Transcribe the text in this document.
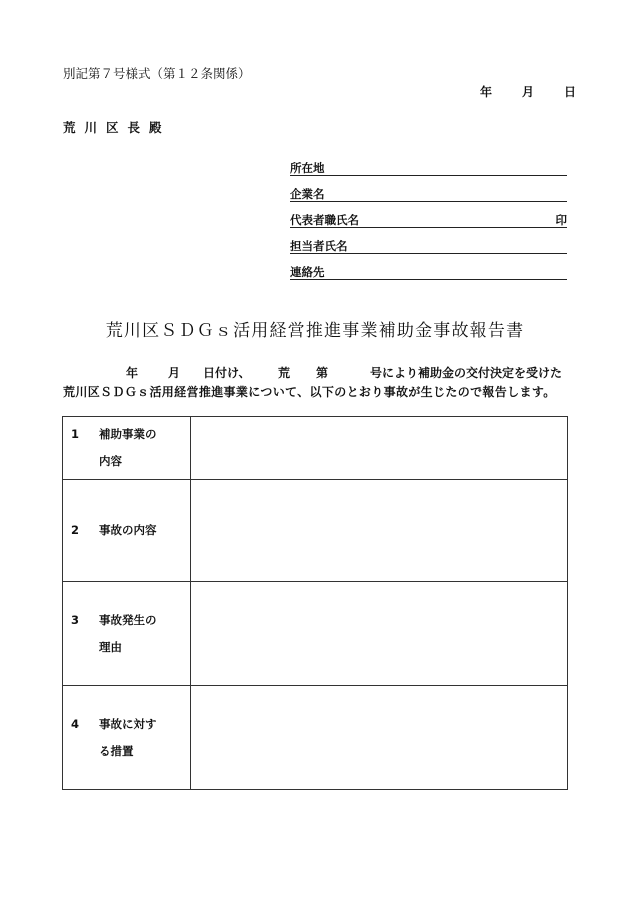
別記第７号様式（第１２条関係）
年	月	日
荒川区長殿
所在地
企業名
代表者職氏名	印
担当者氏名
連絡先
荒川区ＳＤＧｓ活用経営推進事業補助金事故報告書
年 月 日付け、 荒 第	号により補助金の交付決定を受けた
荒川区ＳＤＧｓ活用経営推進事業について、以下のとおり事故が生じたので報告します。
1 補助事業の
内容	

2 事故の内容	

3 事故発生の
理由	

4 事故に対す
る措置	
